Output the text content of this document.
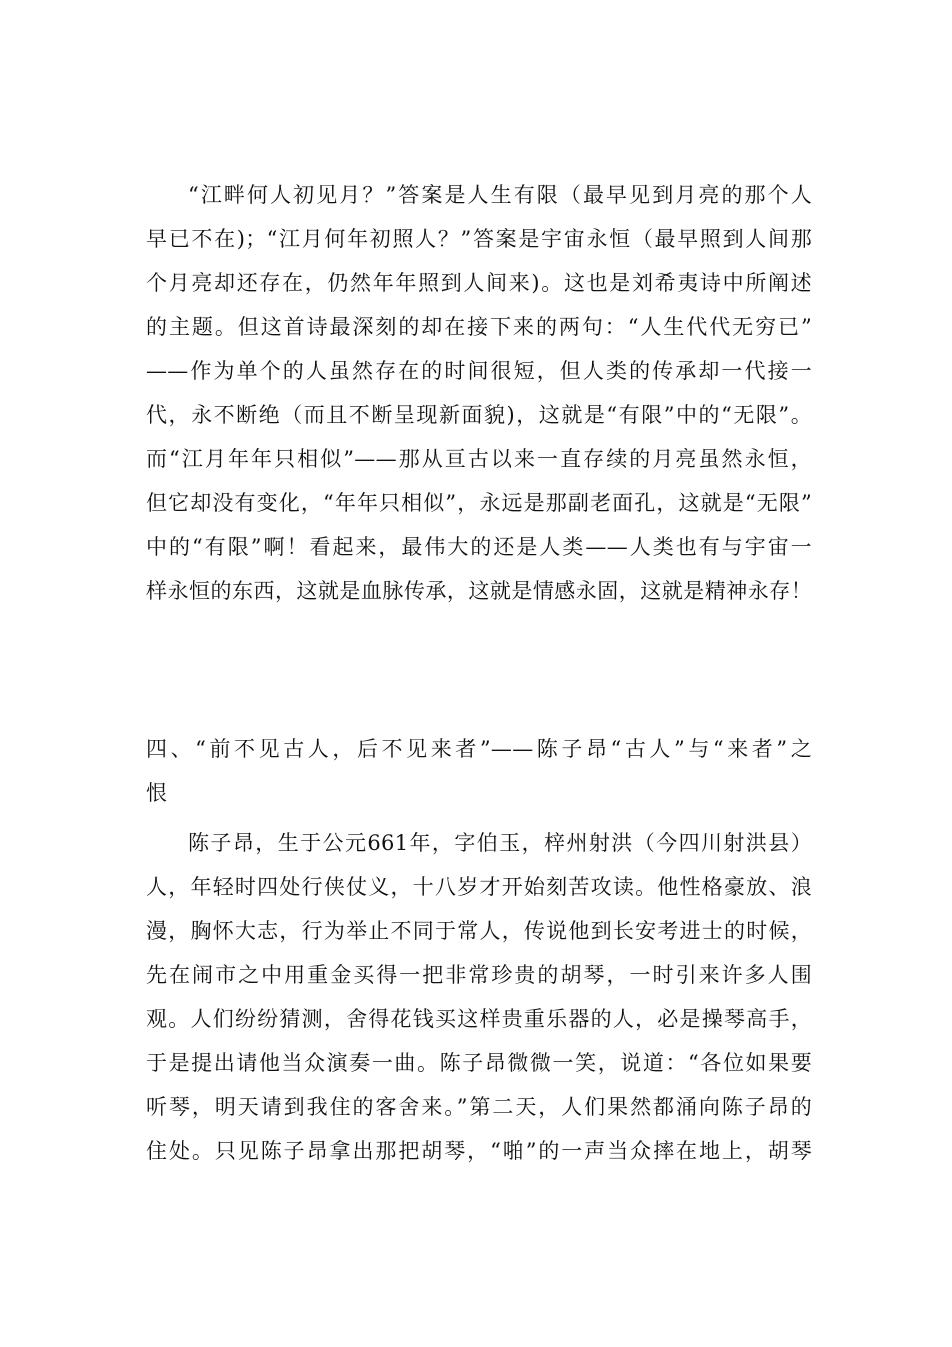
“江畔何人初见月？”答案是人生有限（最早见到月亮的那个人
早已不在)；“江月何年初照人？”答案是宇宙永恒（最早照到人间那
个月亮却还存在，仍然年年照到人间来)。这也是刘希夷诗中所阐述
的主题。但这首诗最深刻的却在接下来的两句：“人生代代无穷已”
——作为单个的人虽然存在的时间很短，但人类的传承却一代接一
代，永不断绝（而且不断呈现新面貌)，这就是“有限”中的“无限”。
而“江月年年只相似”——那从亘古以来一直存续的月亮虽然永恒，
但它却没有变化，“年年只相似”，永远是那副老面孔，这就是“无限”
中的“有限”啊！看起来，最伟大的还是人类——人类也有与宇宙一
样永恒的东西，这就是血脉传承，这就是情感永固，这就是精神永存！
四、“前不见古人，后不见来者”——陈子昂“古人”与“来者”之
恨
陈子昂，生于公元661年，字伯玉，梓州射洪（今四川射洪县）
人，年轻时四处行侠仗义，十八岁才开始刻苦攻读。他性格豪放、浪
漫，胸怀大志，行为举止不同于常人，传说他到长安考进士的时候，
先在闹市之中用重金买得一把非常珍贵的胡琴，一时引来许多人围
观。人们纷纷猜测，舍得花钱买这样贵重乐器的人，必是操琴高手，
于是提出请他当众演奏一曲。陈子昂微微一笑，说道：“各位如果要
听琴，明天请到我住的客舍来。”第二天，人们果然都涌向陈子昂的
住处。只见陈子昂拿出那把胡琴，“啪”的一声当众摔在地上，胡琴
